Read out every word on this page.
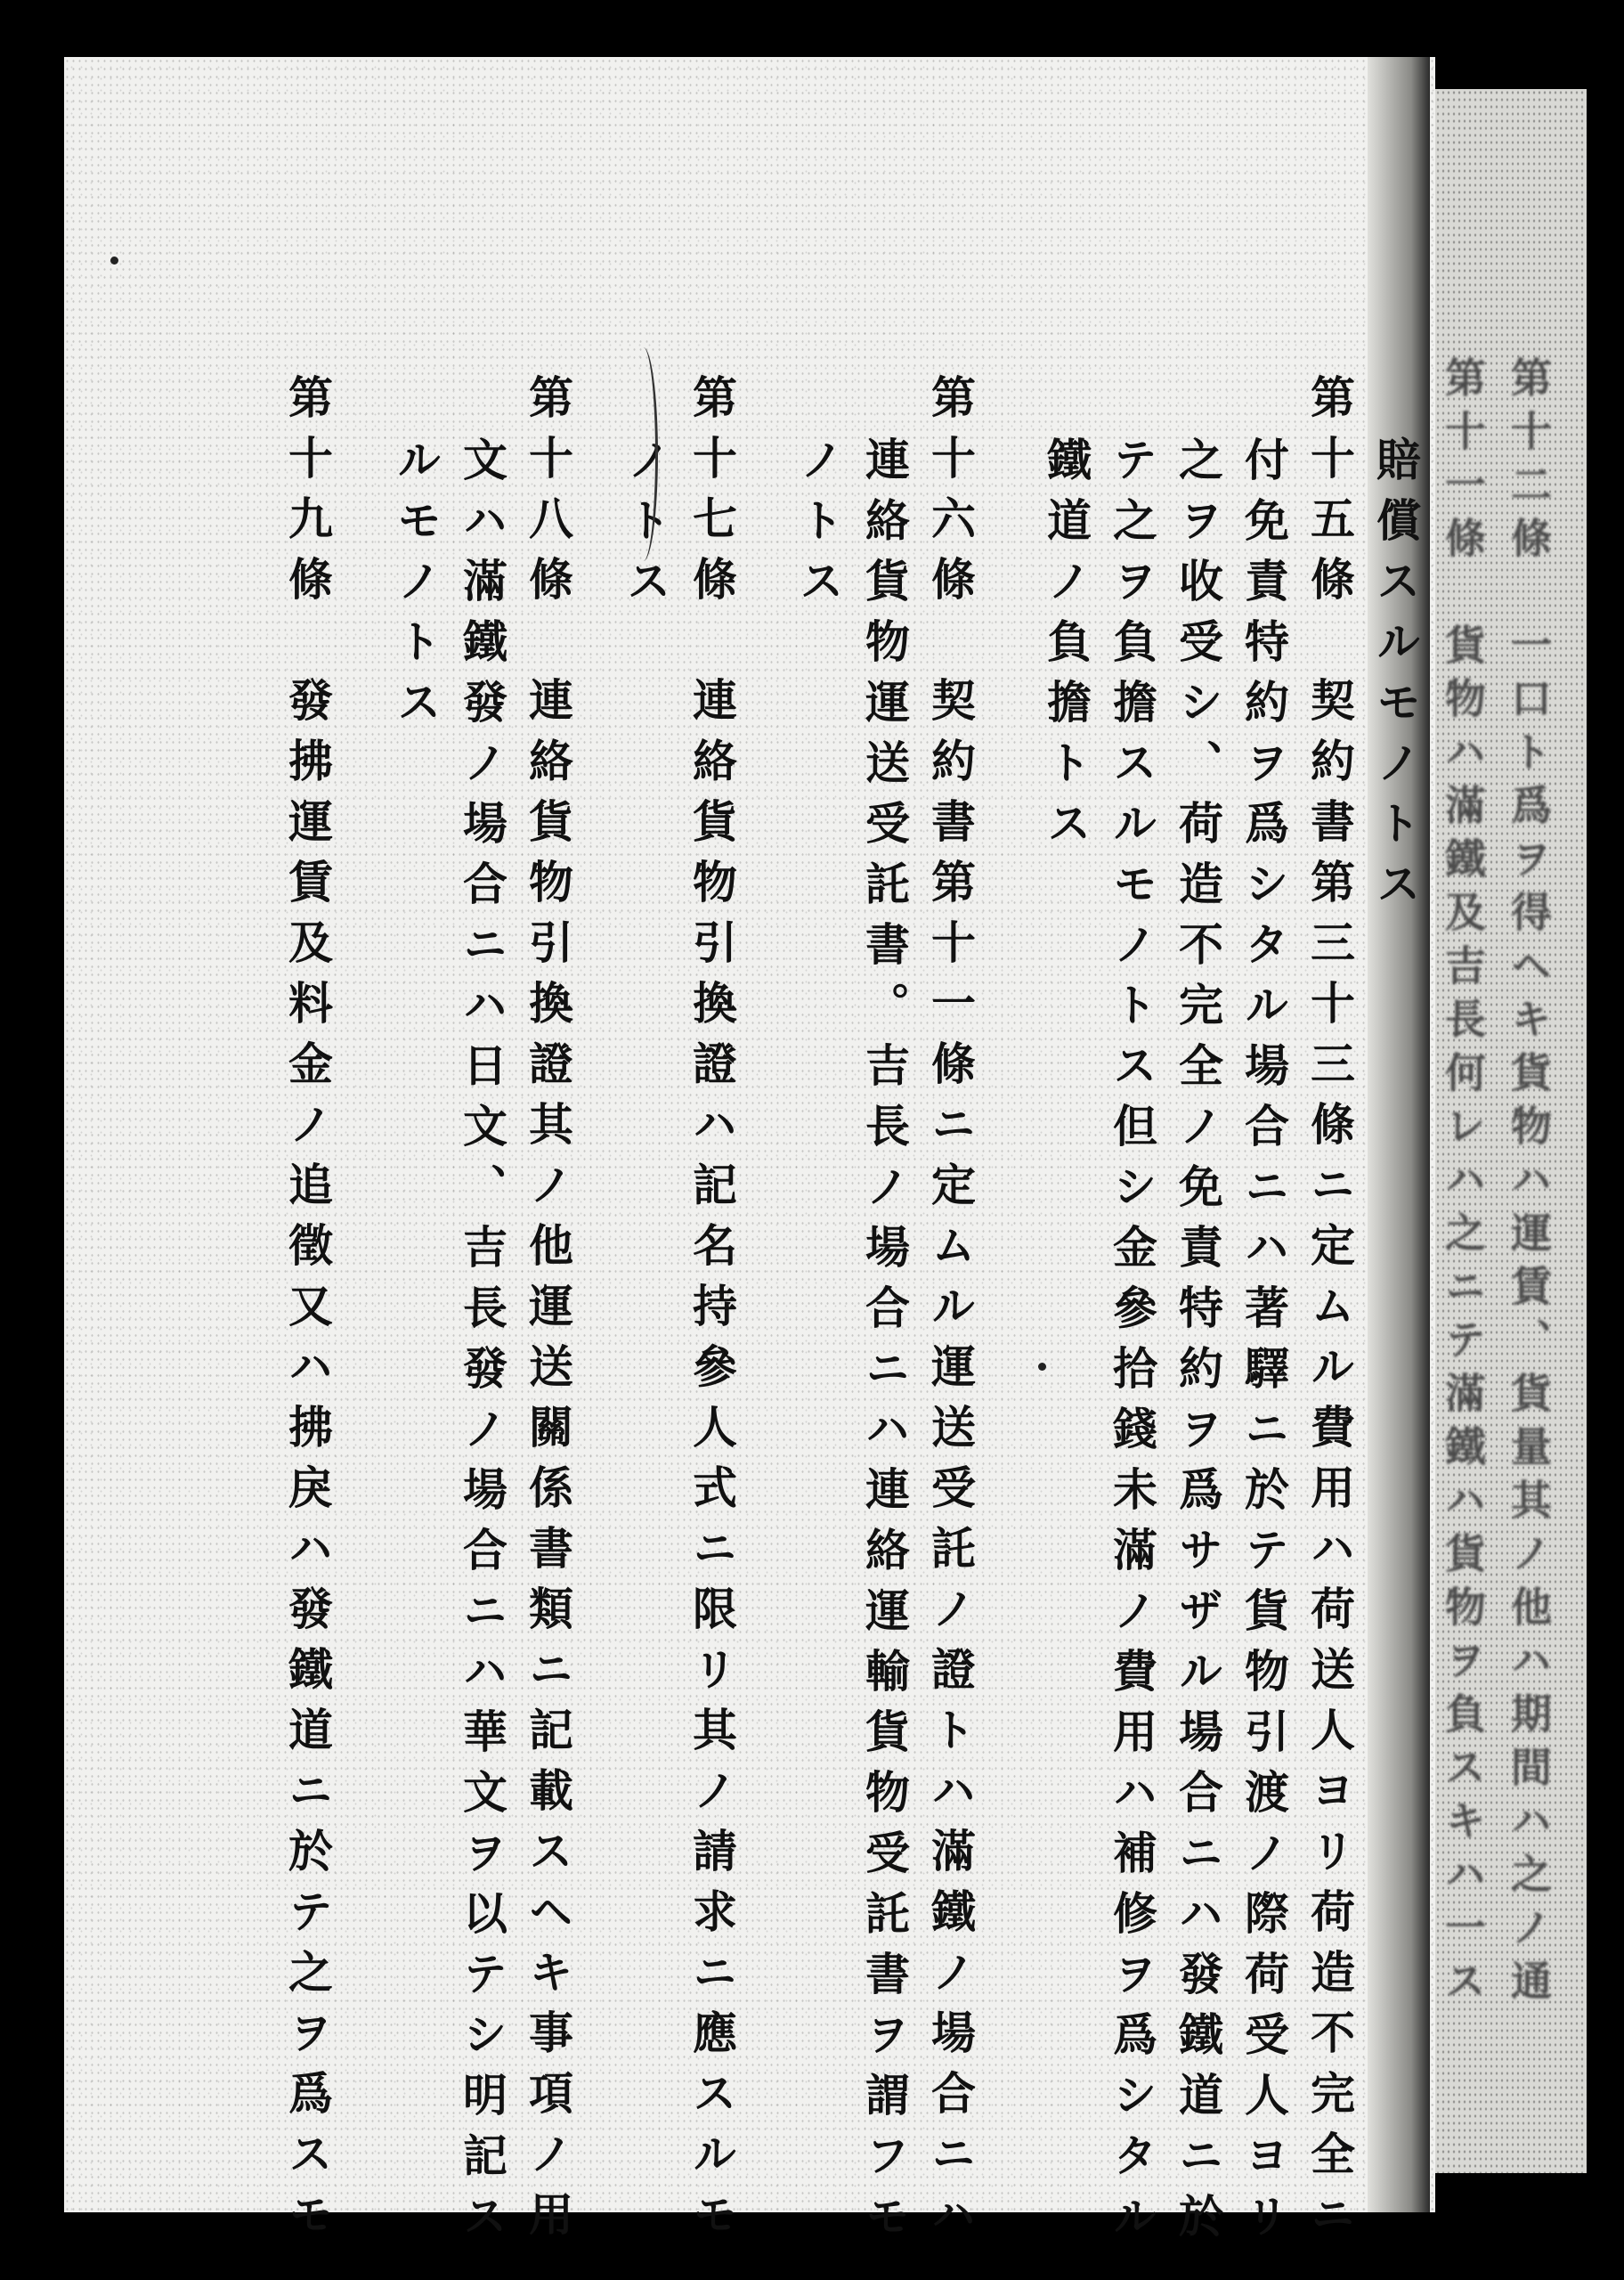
第十二條　一口ト爲ヲ得ヘキ貨物ハ運賃、貨量其ノ他ハ期間ハ之ノ通
第十一條　貨物ハ滿鐵及吉長何レハ之ニテ滿鐵ハ貨物ヲ負スキハ一ス
賠償スルモノトス
第十五條　契約書第三十三條ニ定ムル費用ハ荷送人ヨリ荷造不完全ニ
付免責特約ヲ爲シタル場合ニハ著驛ニ於テ貨物引渡ノ際荷受人ヨリ
之ヲ收受シ、荷造不完全ノ免責特約ヲ爲サザル場合ニハ發鐵道ニ於
テ之ヲ負擔スルモノトス但シ金參拾錢未滿ノ費用ハ補修ヲ爲シタル
鐵道ノ負擔トス
第十六條　契約書第十一條ニ定ムル運送受託ノ證トハ滿鐵ノ場合ニハ
連絡貨物運送受託書。吉長ノ場合ニハ連絡運輸貨物受託書ヲ謂フモ
ノトス
第十七條　連絡貨物引換證ハ記名持參人式ニ限リ其ノ請求ニ應スルモ
ノトス
第十八條　連絡貨物引換證其ノ他運送關係書類ニ記載スヘキ事項ノ用
文ハ滿鐵發ノ場合ニハ日文、吉長發ノ場合ニハ華文ヲ以テシ明記ス
ルモノトス
第十九條　發拂運賃及料金ノ追徵又ハ拂戾ハ發鐵道ニ於テ之ヲ爲スモ
